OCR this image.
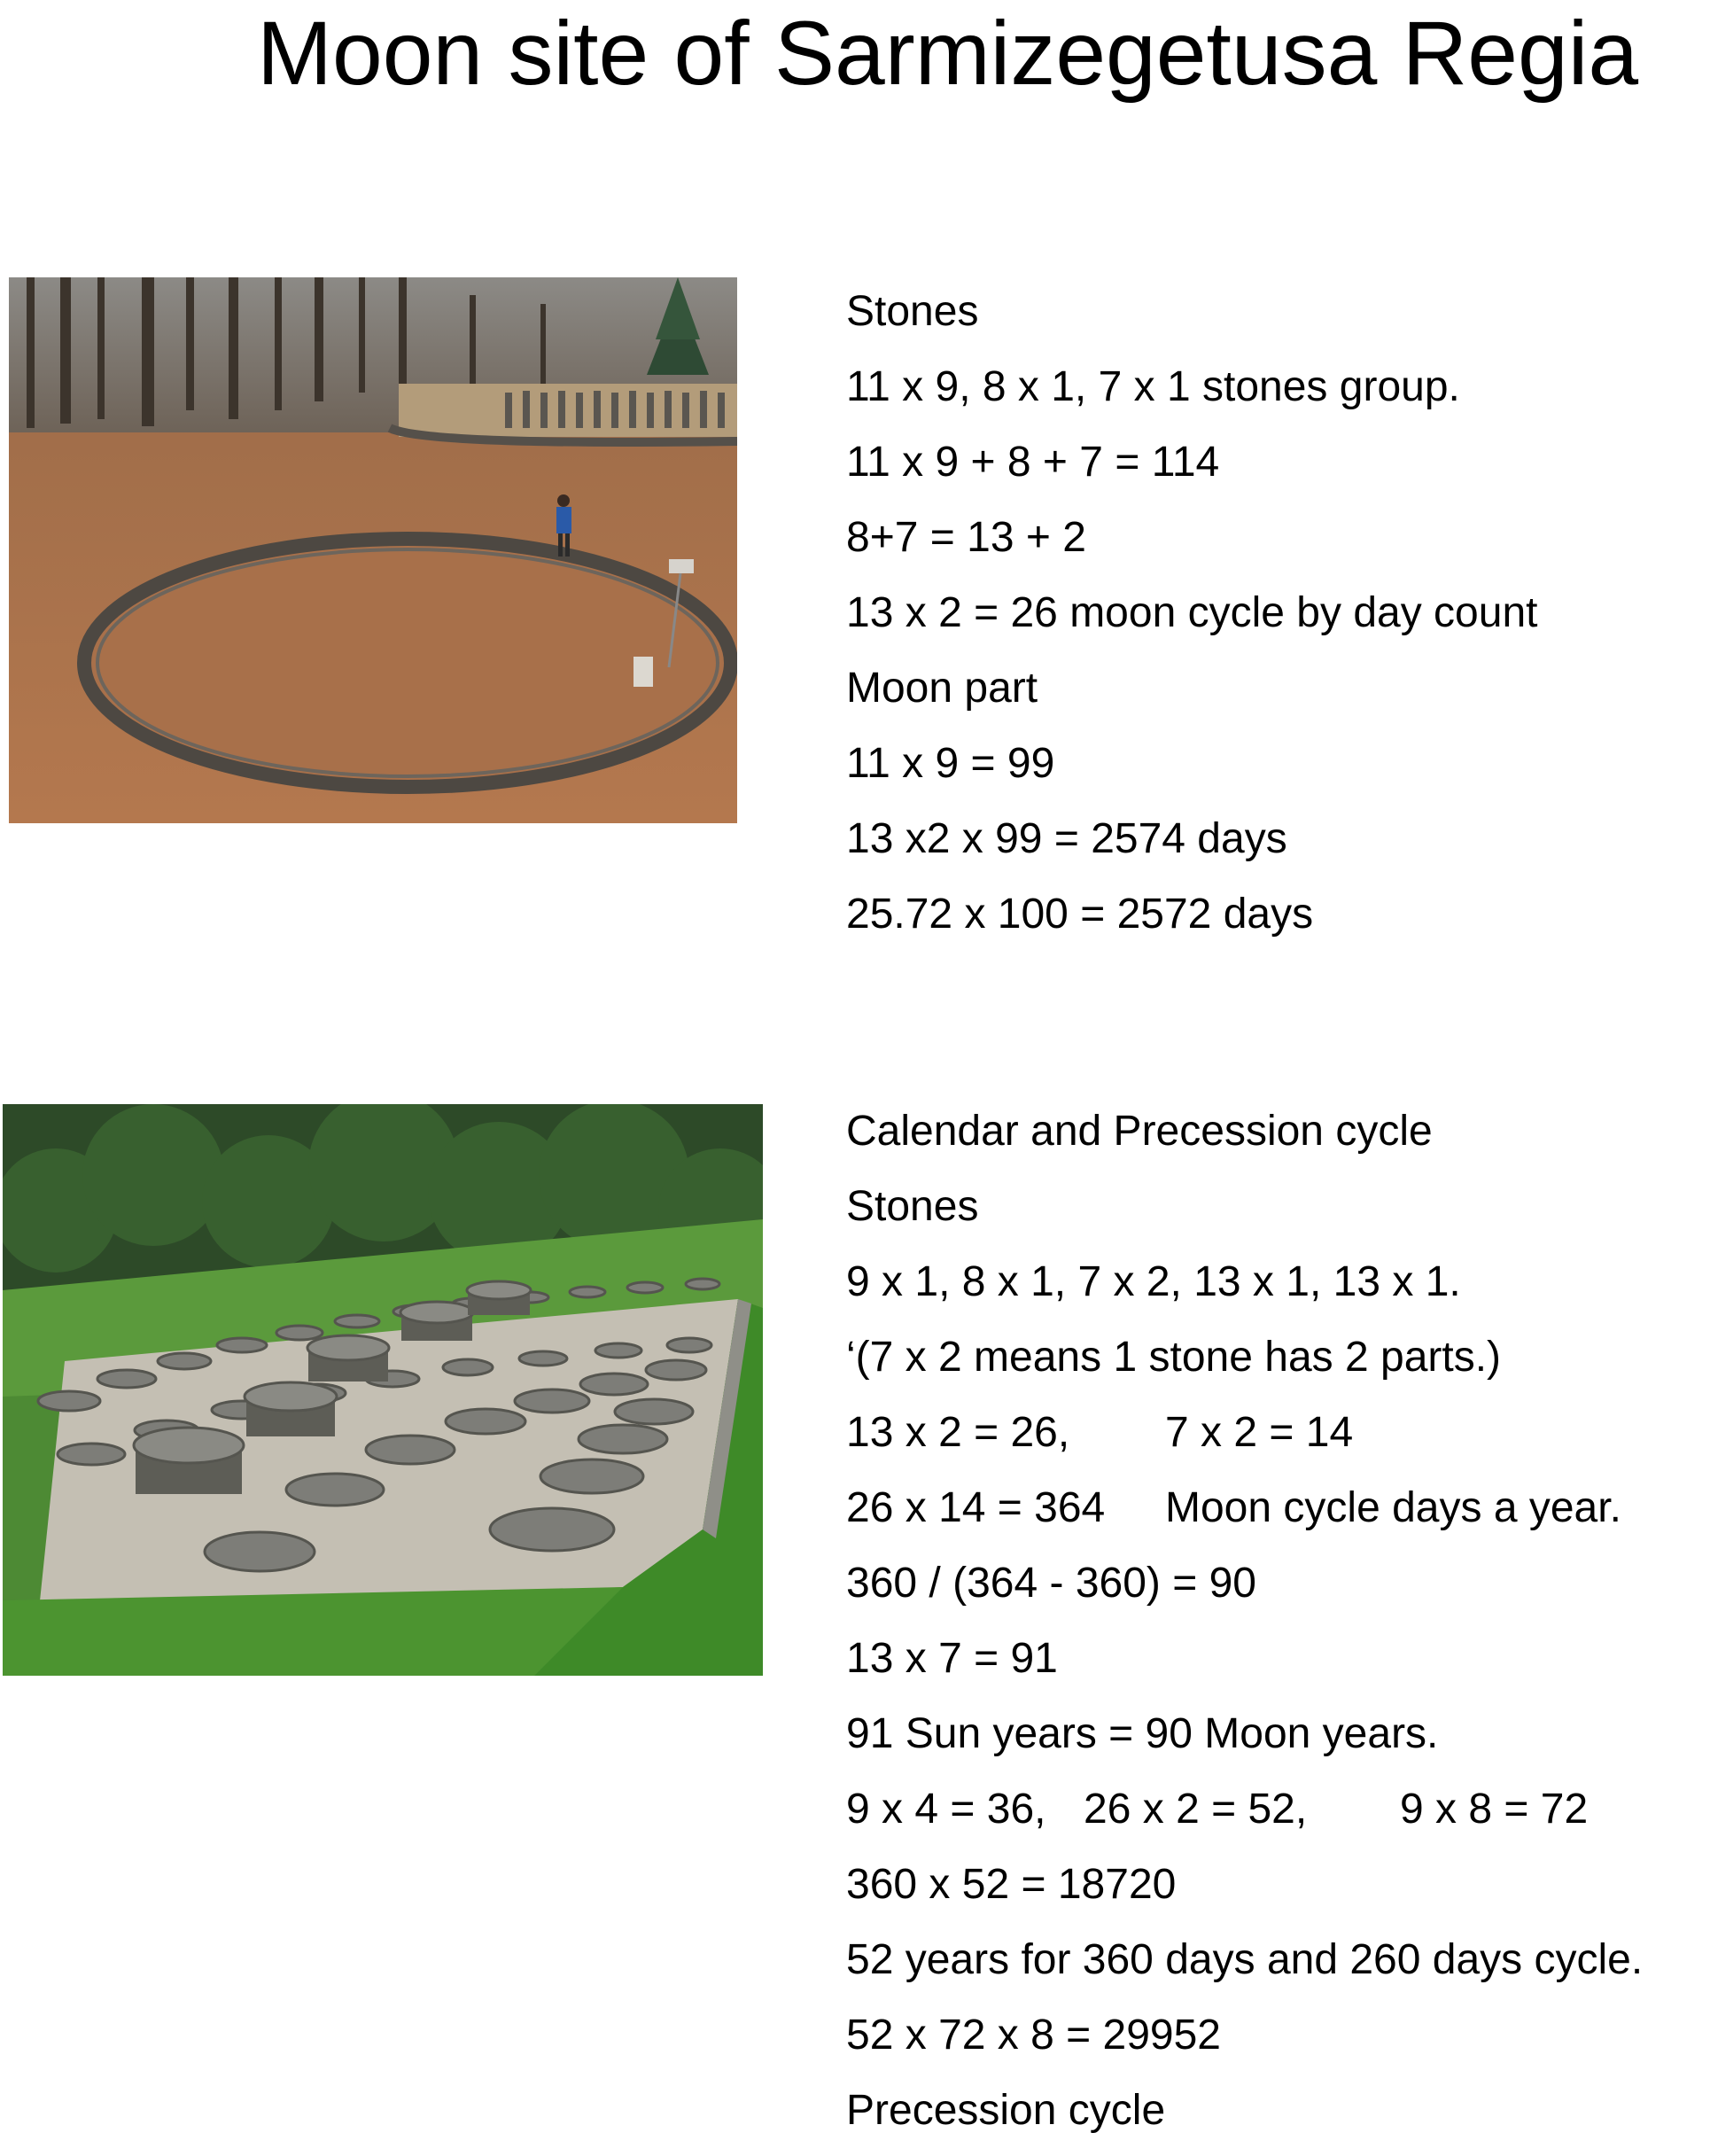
Moon site of Sarmizegetusa Regia
Stones
11 x 9, 8 x 1, 7 x 1 stones group.
11 x 9 + 8 + 7 = 114
8+7 = 13 + 2
13 x 2 = 26 moon cycle by day count
Moon part
11 x 9 = 99
13 x2 x 99 = 2574 days
25.72 x 100 = 2572 days
Calendar and Precession cycle
Stones
9 x 1, 8 x 1, 7 x 2, 13 x 1, 13 x 1.
‘(7 x 2 means 1 stone has 2 parts.)
13 x 2 = 26, 7 x 2 = 14
26 x 14 = 364 Moon cycle days a year.
360 / (364 - 360) = 90
13 x 7 = 91
91 Sun years = 90 Moon years.
9 x 4 = 36, 26 x 2 = 52, 9 x 8 = 72
360 x 52 = 18720
52 years for 360 days and 260 days cycle.
52 x 72 x 8 = 29952
Precession cycle
